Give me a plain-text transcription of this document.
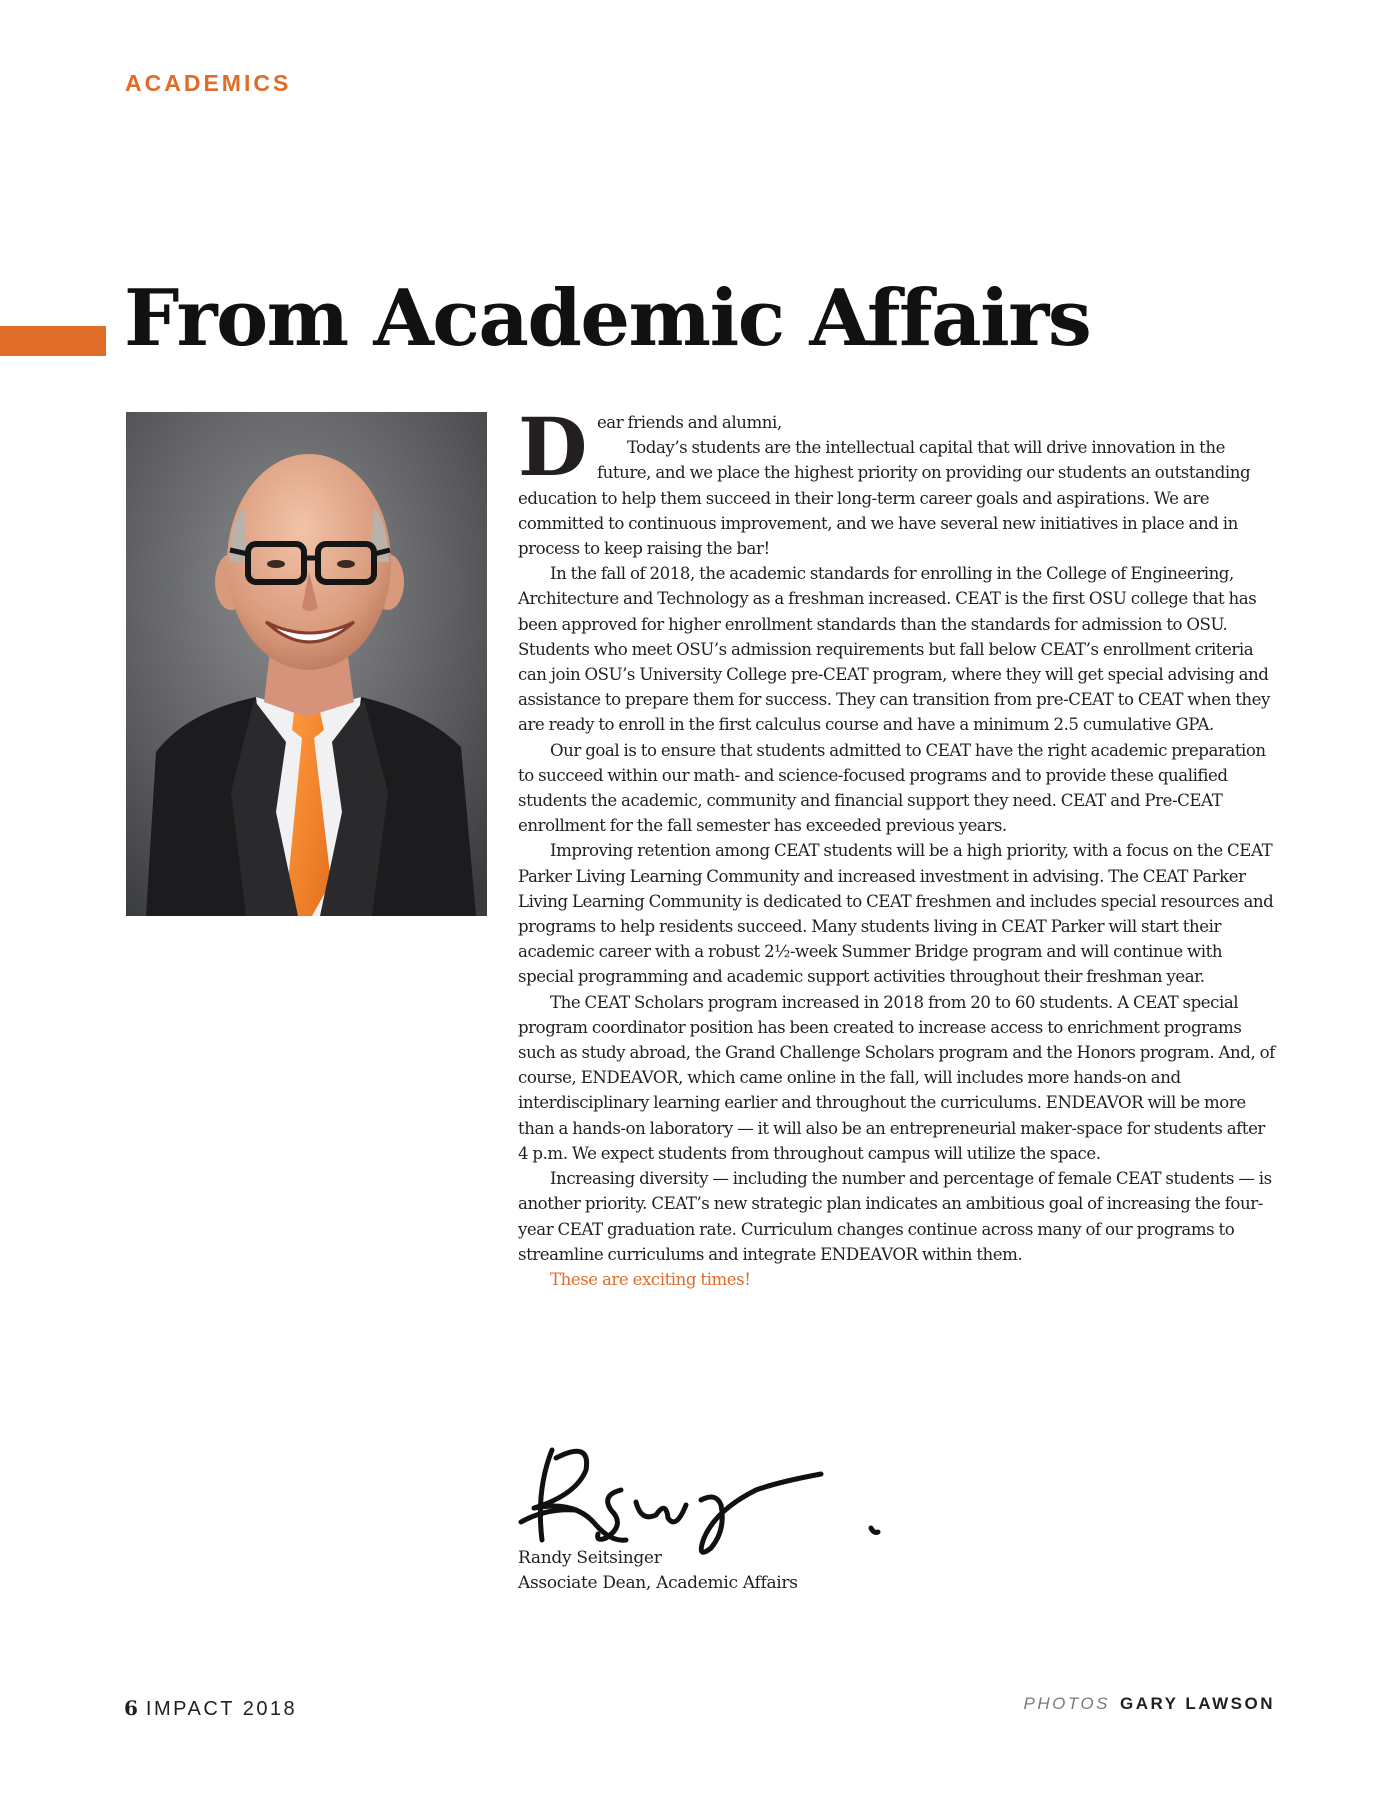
ACADEMICS
From Academic Affairs
D ear friends and alumni,

Today’s students are the intellectual capital that will drive innovation in the future, and we place the highest priority on providing our students an outstanding education to help them succeed in their long-term career goals and aspirations. We are committed to continuous improvement, and we have several new initiatives in place and in process to keep raising the bar!

In the fall of 2018, the academic standards for enrolling in the College of Engineering, Architecture and Technology as a freshman increased. CEAT is the first OSU college that has been approved for higher enrollment standards than the standards for admission to OSU. Students who meet OSU’s admission requirements but fall below CEAT’s enrollment criteria can join OSU’s University College pre-CEAT program, where they will get special advising and assistance to prepare them for success. They can transition from pre-CEAT to CEAT when they are ready to enroll in the first calculus course and have a minimum 2.5 cumulative GPA.

Our goal is to ensure that students admitted to CEAT have the right academic preparation to succeed within our math- and science-focused programs and to provide these qualified students the academic, community and financial support they need. CEAT and Pre-CEAT enrollment for the fall semester has exceeded previous years.

Improving retention among CEAT students will be a high priority, with a focus on the CEAT Parker Living Learning Community and increased investment in advising. The CEAT Parker Living Learning Community is dedicated to CEAT freshmen and includes special resources and programs to help residents succeed. Many students living in CEAT Parker will start their academic career with a robust 2½-week Summer Bridge program and will continue with special programming and academic support activities throughout their freshman year.

The CEAT Scholars program increased in 2018 from 20 to 60 students. A CEAT special program coordinator position has been created to increase access to enrichment programs such as study abroad, the Grand Challenge Scholars program and the Honors program. And, of course, ENDEAVOR, which came online in the fall, will includes more hands-on and interdisciplinary learning earlier and throughout the curriculums. ENDEAVOR will be more than a hands-on laboratory — it will also be an entrepreneurial maker-space for students after 4 p.m. We expect students from throughout campus will utilize the space.

Increasing diversity — including the number and percentage of female CEAT students — is another priority. CEAT’s new strategic plan indicates an ambitious goal of increasing the four-year CEAT graduation rate. Curriculum changes continue across many of our programs to streamline curriculums and integrate ENDEAVOR within them.

These are exciting times!

Randy Seitsinger
Associate Dean, Academic Affairs
6 IMPACT 2018	PHOTOS GARY LAWSON
